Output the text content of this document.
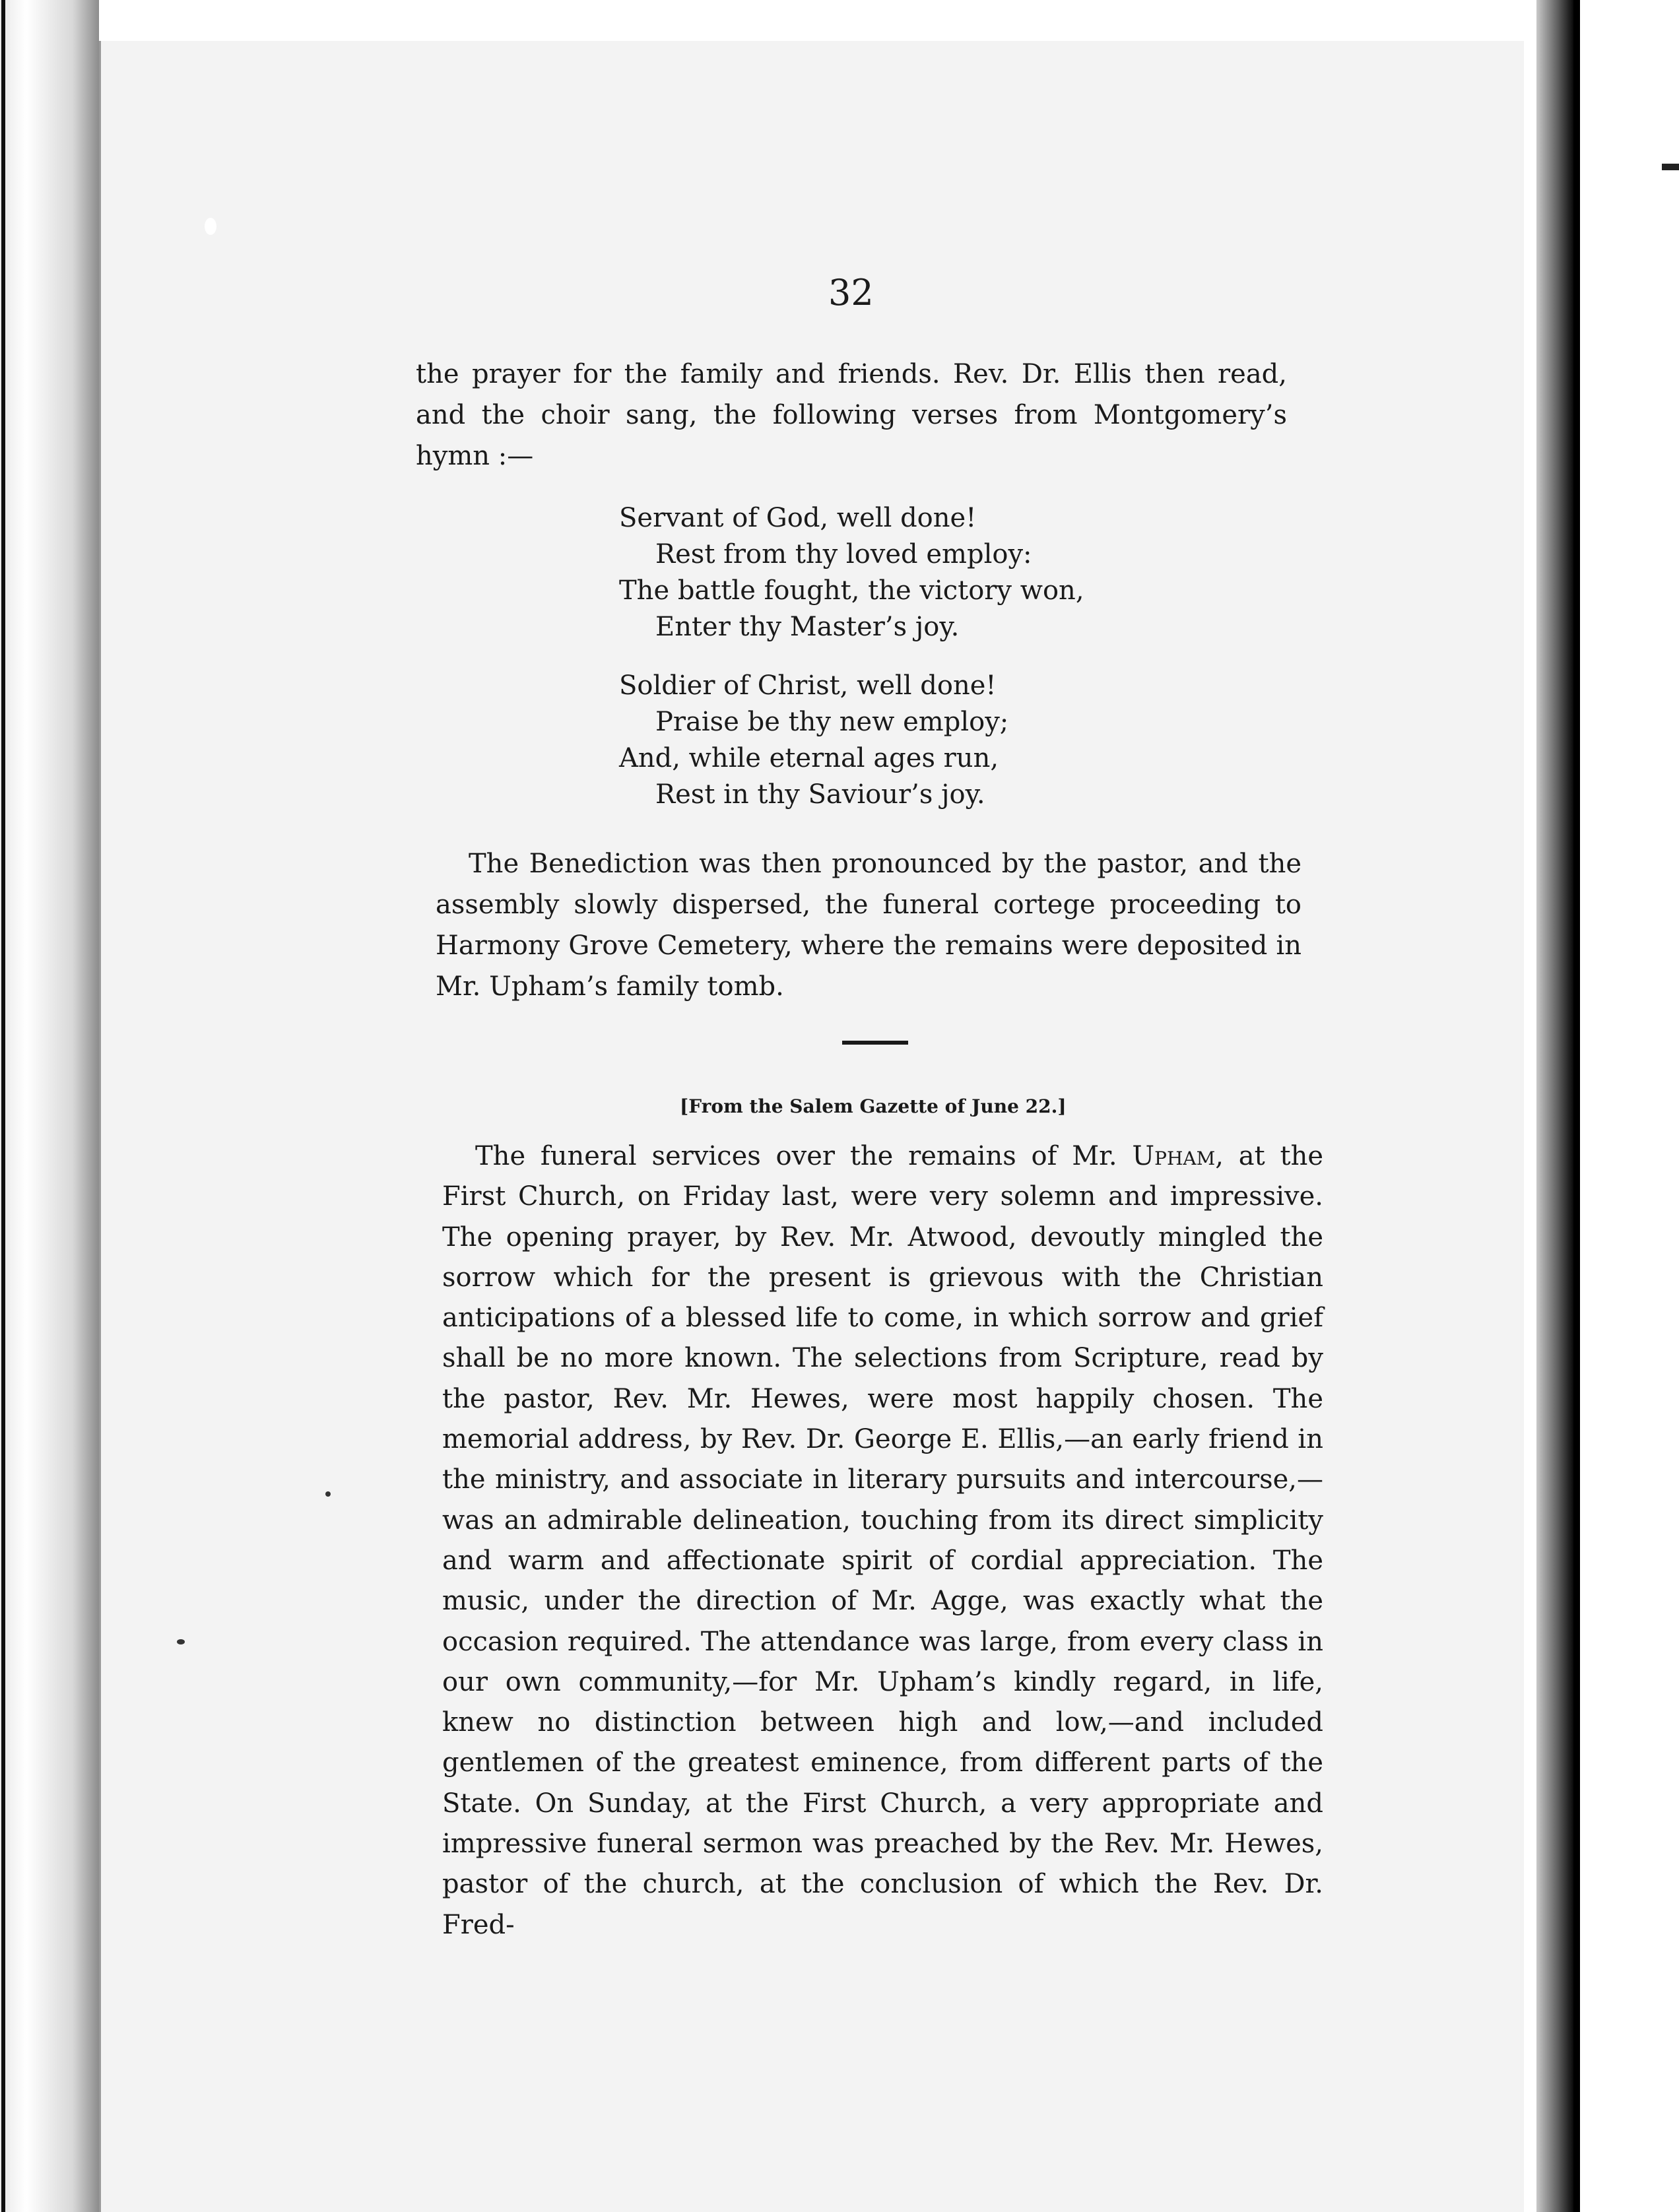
32

the prayer for the family and friends. Rev. Dr. Ellis then read, and the choir sang, the following verses from Montgomery’s hymn :—

Servant of God, well done!
Rest from thy loved employ:
The battle fought, the victory won,
Enter thy Master’s joy.
Soldier of Christ, well done!
Praise be thy new employ;
And, while eternal ages run,
Rest in thy Saviour’s joy.

The Benediction was then pronounced by the pastor, and the assembly slowly dispersed, the funeral cortege proceeding to Harmony Grove Cemetery, where the remains were deposited in Mr. Upham’s family tomb.

[From the Salem Gazette of June 22.]

The funeral services over the remains of Mr. Upham, at the First Church, on Friday last, were very solemn and impressive. The opening prayer, by Rev. Mr. Atwood, devoutly mingled the sorrow which for the present is grievous with the Christian anticipations of a blessed life to come, in which sorrow and grief shall be no more known. The selections from Scripture, read by the pastor, Rev. Mr. Hewes, were most happily chosen. The memorial address, by Rev. Dr. George E. Ellis,—an early friend in the ministry, and associate in literary pursuits and intercourse,—was an admirable delineation, touching from its direct simplicity and warm and affectionate spirit of cordial appreciation. The music, under the direction of Mr. Agge, was exactly what the occasion required. The attendance was large, from every class in our own community,—for Mr. Upham’s kindly regard, in life, knew no distinction between high and low,—and included gentlemen of the greatest eminence, from different parts of the State. On Sunday, at the First Church, a very appropriate and impressive funeral sermon was preached by the Rev. Mr. Hewes, pastor of the church, at the conclusion of which the Rev. Dr. Fred-
